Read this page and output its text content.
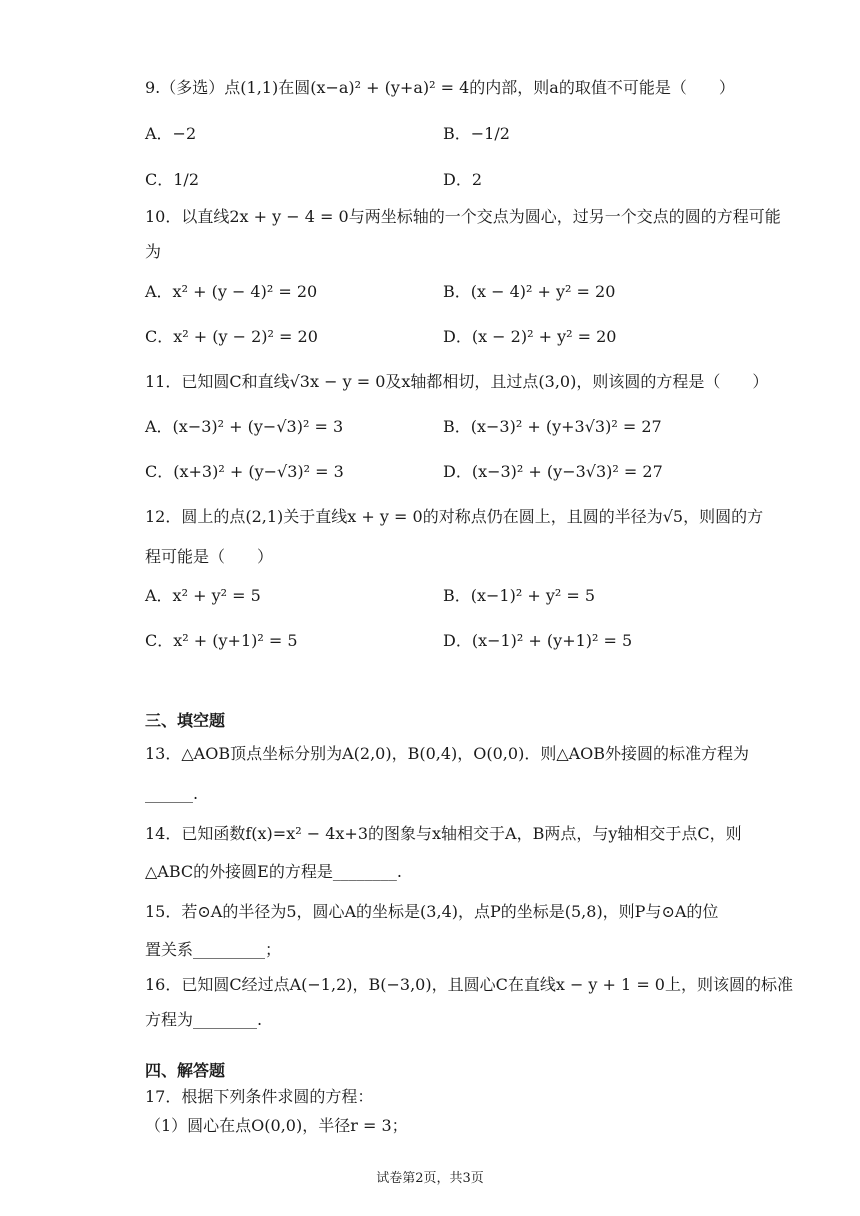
9.（多选）点(1,1)在圆(x−a)² + (y+a)² = 4的内部，则a的取值不可能是（　　）
A．−2	B．−1/2
C．1/2	D．2
10．以直线2x + y − 4 = 0与两坐标轴的一个交点为圆心，过另一个交点的圆的方程可能
为
A．x² + (y − 4)² = 20	B．(x − 4)² + y² = 20
C．x² + (y − 2)² = 20	D．(x − 2)² + y² = 20
11．已知圆C和直线√3x − y = 0及x轴都相切，且过点(3,0)，则该圆的方程是（　　）
A．(x−3)² + (y−√3)² = 3	B．(x−3)² + (y+3√3)² = 27
C．(x+3)² + (y−√3)² = 3	D．(x−3)² + (y−3√3)² = 27
12．圆上的点(2,1)关于直线x + y = 0的对称点仍在圆上，且圆的半径为√5，则圆的方
程可能是（　　）
A．x² + y² = 5	B．(x−1)² + y² = 5
C．x² + (y+1)² = 5	D．(x−1)² + (y+1)² = 5
三、填空题
13．△AOB顶点坐标分别为A(2,0)，B(0,4)，O(0,0)．则△AOB外接圆的标准方程为
______.
14．已知函数f(x)=x² − 4x+3的图象与x轴相交于A，B两点，与y轴相交于点C，则
△ABC的外接圆E的方程是________.
15．若⊙A的半径为5，圆心A的坐标是(3,4)，点P的坐标是(5,8)，则P与⊙A的位
置关系_________；
16．已知圆C经过点A(−1,2)，B(−3,0)，且圆心C在直线x − y + 1 = 0上，则该圆的标准
方程为________.
四、解答题
17．根据下列条件求圆的方程：
（1）圆心在点O(0,0)，半径r = 3；
试卷第2页，共3页
